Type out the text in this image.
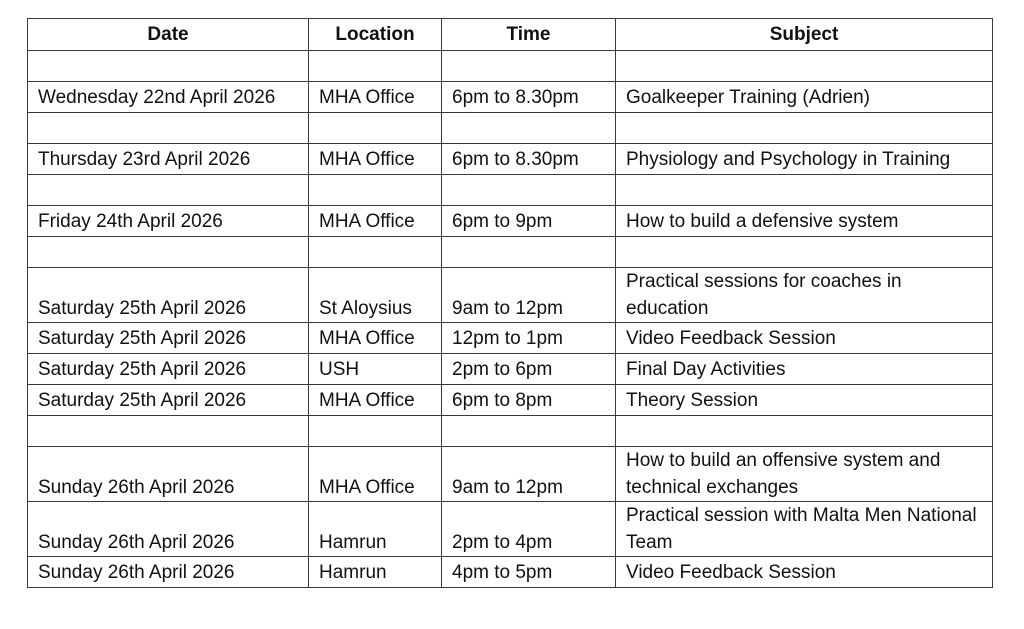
Date	Location	Time	Subject

Wednesday 22nd April 2026	MHA Office	6pm to 8.30pm	Goalkeeper Training (Adrien)

Thursday 23rd April 2026	MHA Office	6pm to 8.30pm	Physiology and Psychology in Training

Friday 24th April 2026	MHA Office	6pm to 9pm	How to build a defensive system

Saturday 25th April 2026	St Aloysius	9am to 12pm	Practical sessions for coaches in education
Saturday 25th April 2026	MHA Office	12pm to 1pm	Video Feedback Session
Saturday 25th April 2026	USH	2pm to 6pm	Final Day Activities
Saturday 25th April 2026	MHA Office	6pm to 8pm	Theory Session

Sunday 26th April 2026	MHA Office	9am to 12pm	How to build an offensive system and technical exchanges
Sunday 26th April 2026	Hamrun	2pm to 4pm	Practical session with Malta Men National Team
Sunday 26th April 2026	Hamrun	4pm to 5pm	Video Feedback Session
